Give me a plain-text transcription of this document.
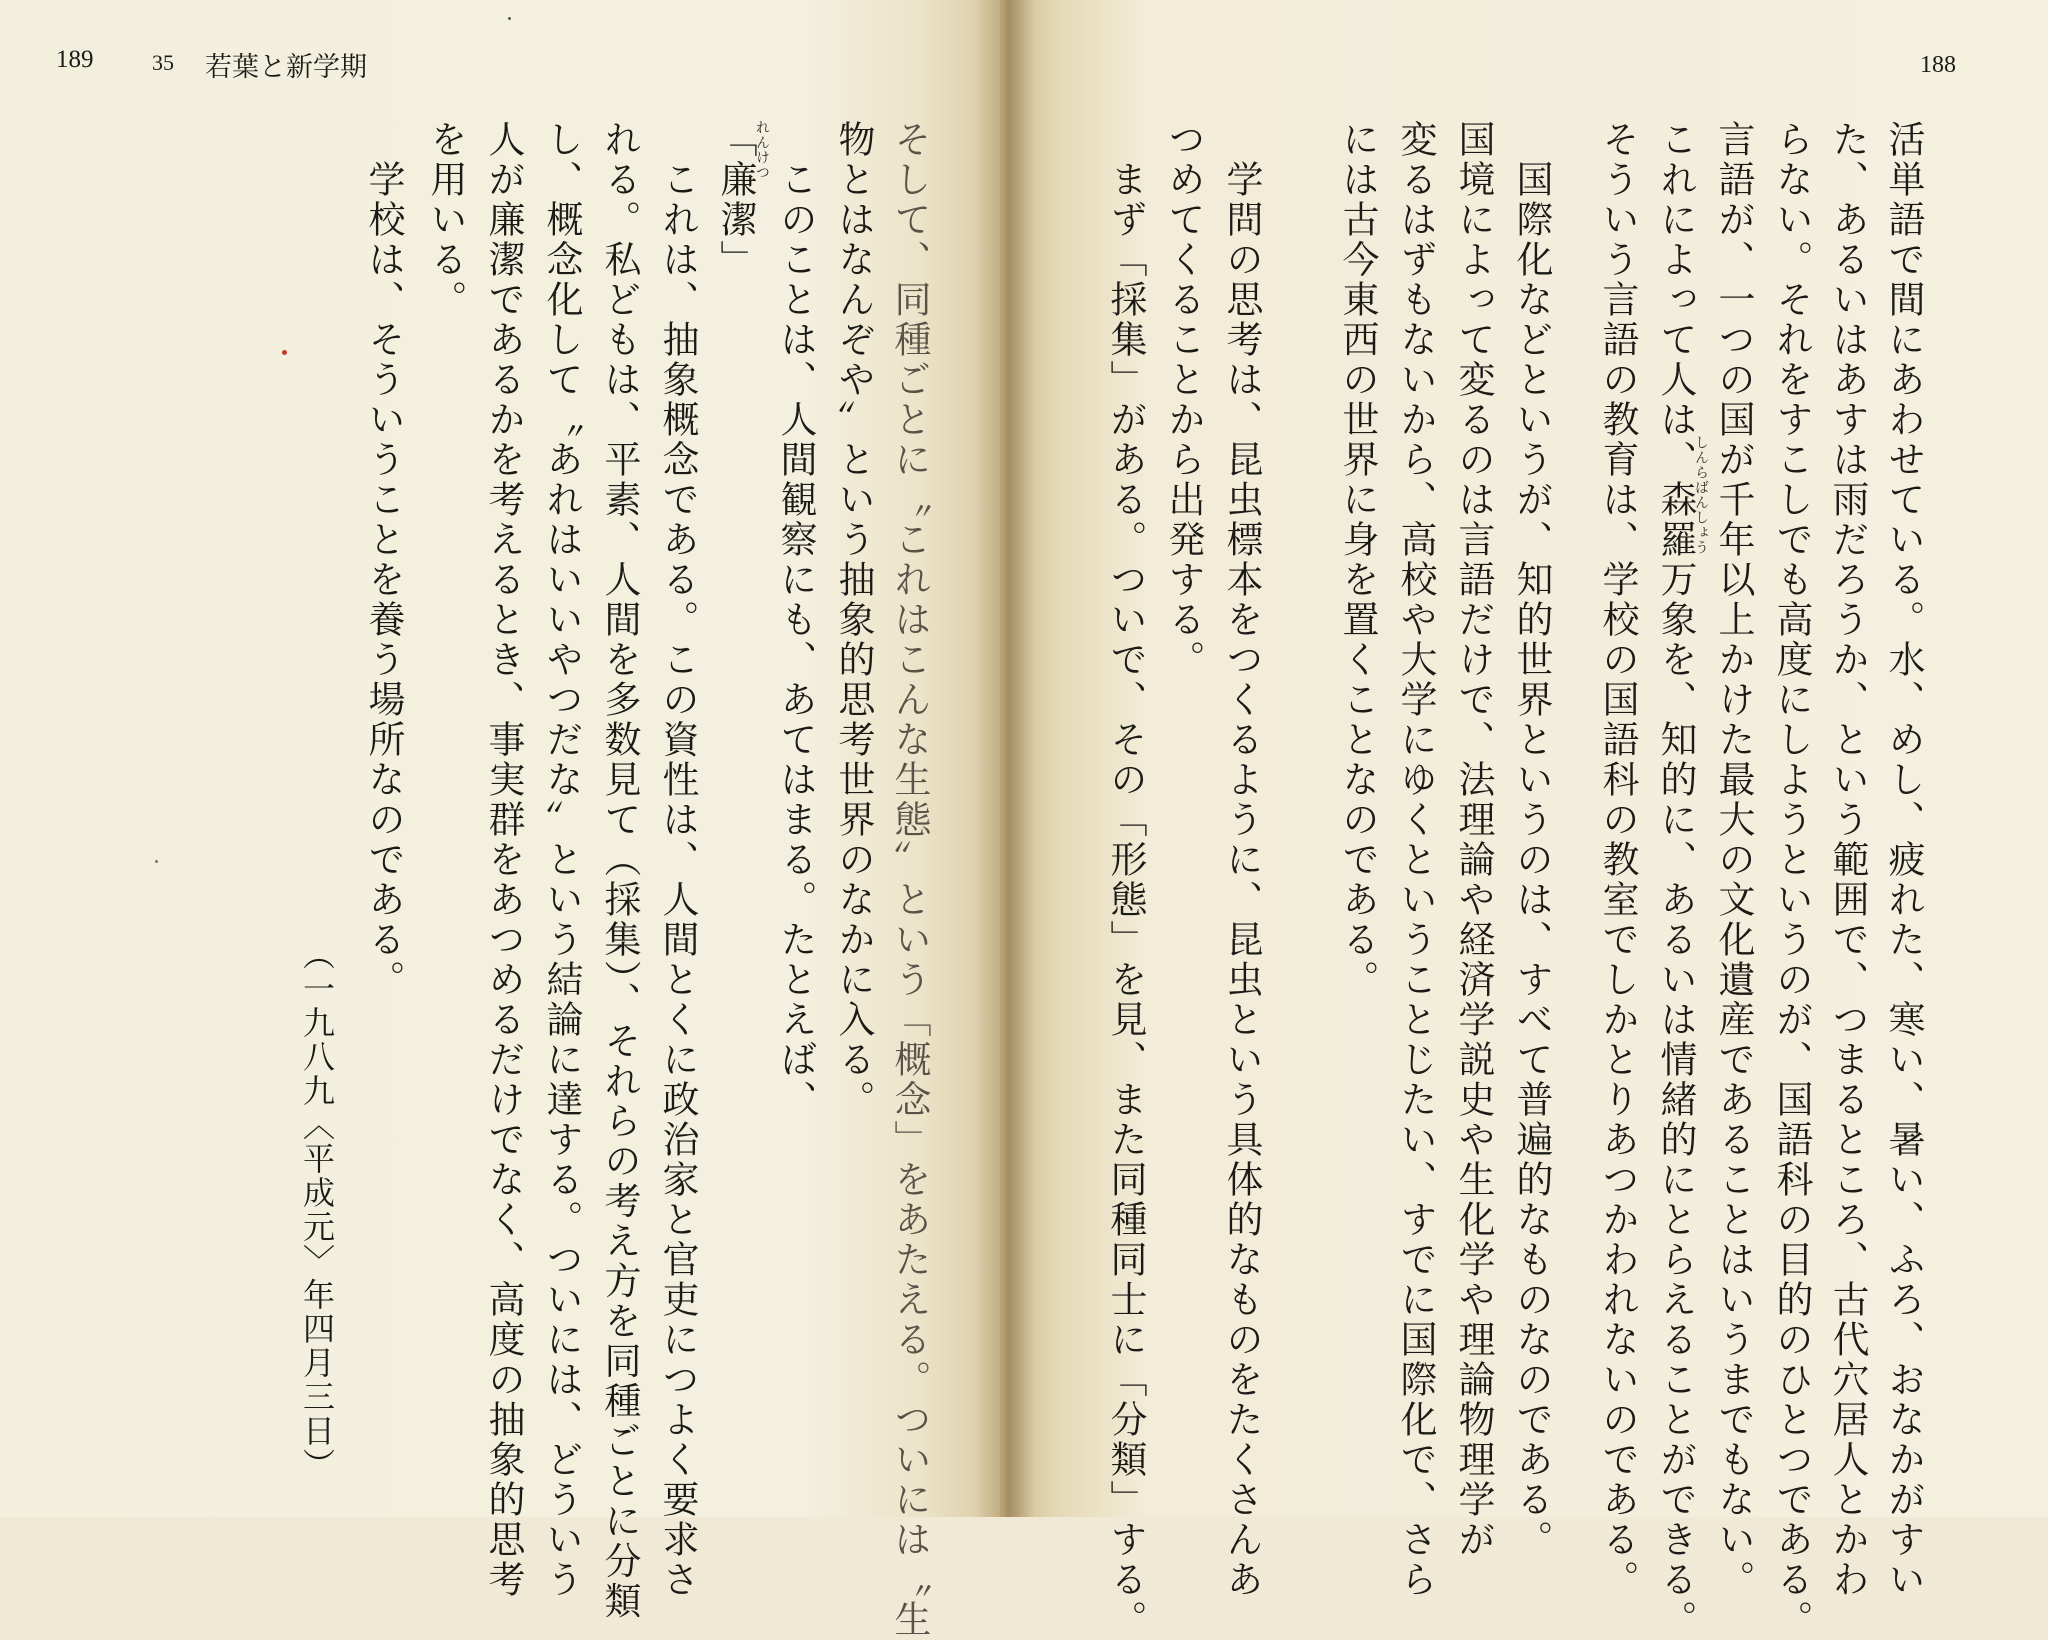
189	35 若葉と新学期	188
活単語で間にあわせている。水、めし、疲れた、寒い、暑い、ふろ、おなかがすい
た、あるいはあすは雨だろうか、という範囲で、つまるところ、古代穴居人とかわ
らない。それをすこしでも高度にしようというのが、国語科の目的のひとつである。
言語が、一つの国が千年以上かけた最大の文化遺産であることはいうまでもない。
これによって人は、森羅万象を、知的に、あるいは情緒的にとらえることができる。
そういう言語の教育は、学校の国語科の教室でしかとりあつかわれないのである。
国際化などというが、知的世界というのは、すべて普遍的なものなのである。
国境によって変るのは言語だけで、法理論や経済学説史や生化学や理論物理学が
変るはずもないから、高校や大学にゆくということじたい、すでに国際化で、さら
には古今東西の世界に身を置くことなのである。
学問の思考は、昆虫標本をつくるように、昆虫という具体的なものをたくさんあ
つめてくることから出発する。
まず「採集」がある。ついで、その「形態」を見、また同種同士に「分類」する。	しんらばんしょう
そして、同種ごとに〝これはこんな生態〟という「概念」をあたえる。ついには〝生
物とはなんぞや〟という抽象的思考世界のなかに入る。
このことは、人間観察にも、あてはまる。たとえば、
「廉潔」
これは、抽象概念である。この資性は、人間とくに政治家と官吏につよく要求さ
れる。私どもは、平素、人間を多数見て（採集）、それらの考え方を同種ごとに分類
し、概念化して〝あれはいいやつだな〟という結論に達する。ついには、どういう
人が廉潔であるかを考えるとき、事実群をあつめるだけでなく、高度の抽象的思考
を用いる。
学校は、そういうことを養う場所なのである。
れんけつ
（一九八九〈平成元〉年四月三日）
